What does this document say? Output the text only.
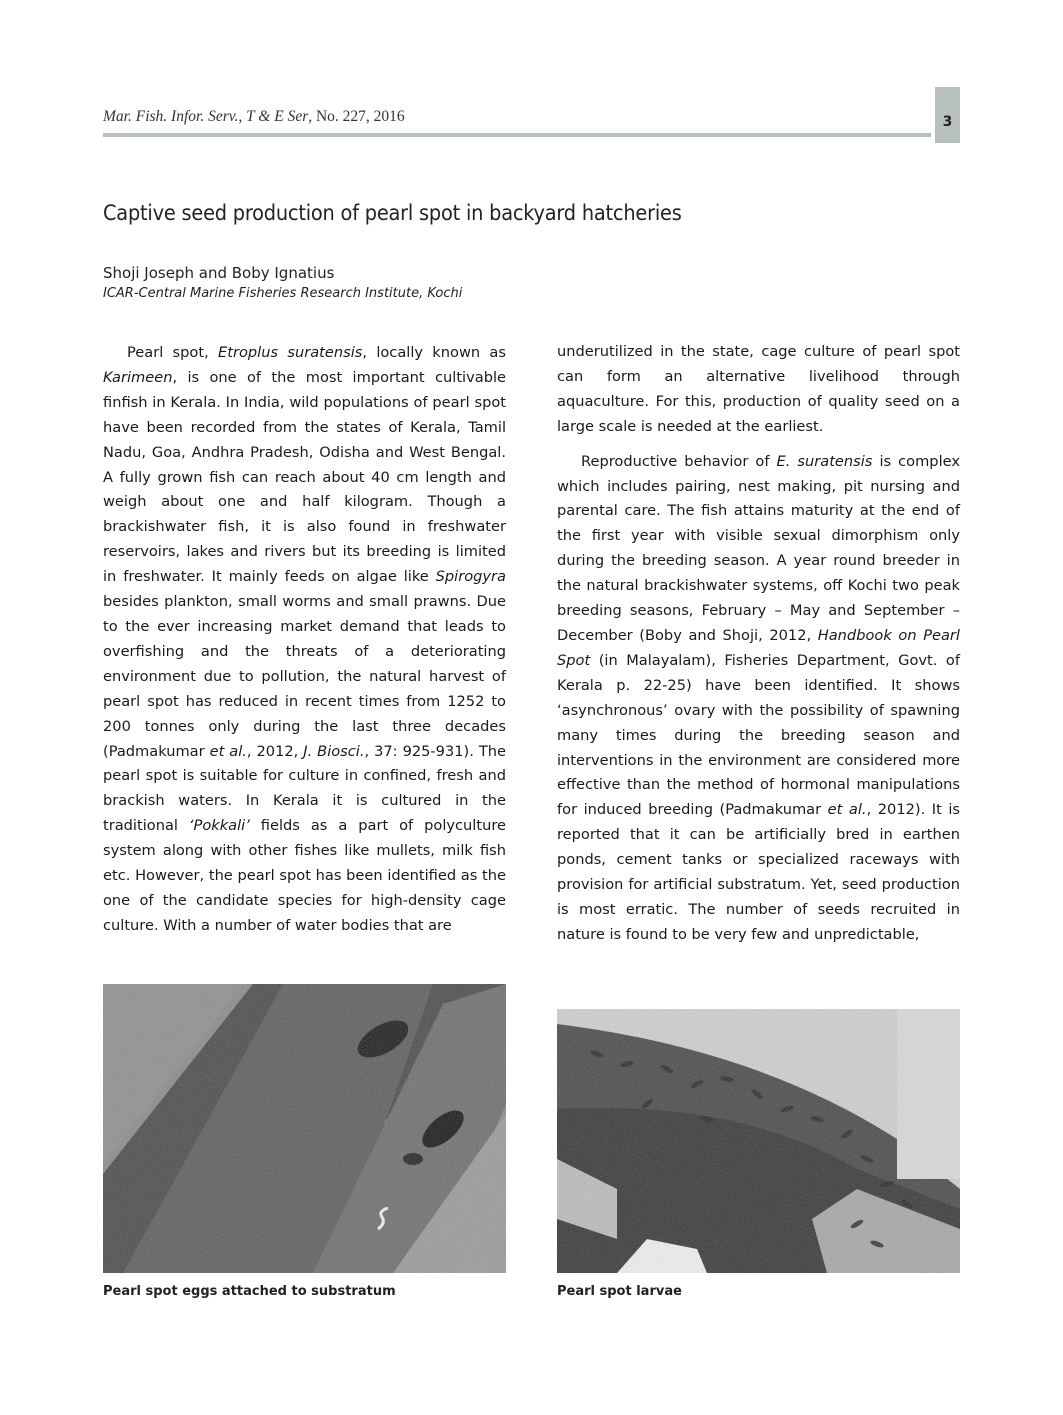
Mar. Fish. Infor. Serv., T & E Ser, No. 227, 2016	3
Captive seed production of pearl spot in backyard hatcheries
Shoji Joseph and Boby Ignatius
ICAR-Central Marine Fisheries Research Institute, Kochi

Pearl spot, Etroplus suratensis, locally known as Karimeen, is one of the most important cultivable finfish in Kerala. In India, wild populations of pearl spot have been recorded from the states of Kerala, Tamil Nadu, Goa, Andhra Pradesh, Odisha and West Bengal. A fully grown fish can reach about 40 cm length and weigh about one and half kilogram. Though a brackishwater fish, it is also found in freshwater reservoirs, lakes and rivers but its breeding is limited in freshwater. It mainly feeds on algae like Spirogyra besides plankton, small worms and small prawns. Due to the ever increasing market demand that leads to overfishing and the threats of a deteriorating environment due to pollution, the natural harvest of pearl spot has reduced in recent times from 1252 to 200 tonnes only during the last three decades (Padmakumar et al., 2012, J. Biosci., 37: 925-931). The pearl spot is suitable for culture in confined, fresh and brackish waters. In Kerala it is cultured in the traditional ‘Pokkali’ fields as a part of polyculture system along with other fishes like mullets, milk fish etc. However, the pearl spot has been identified as the one of the candidate species for high-density cage culture. With a number of water bodies that are

underutilized in the state, cage culture of pearl spot can form an alternative livelihood through aquaculture. For this, production of quality seed on a large scale is needed at the earliest.

Reproductive behavior of E. suratensis is complex which includes pairing, nest making, pit nursing and parental care. The fish attains maturity at the end of the first year with visible sexual dimorphism only during the breeding season. A year round breeder in the natural brackishwater systems, off Kochi two peak breeding seasons, February – May and September – December (Boby and Shoji, 2012, Handbook on Pearl Spot (in Malayalam), Fisheries Department, Govt. of Kerala p. 22-25) have been identified. It shows ‘asynchronous’ ovary with the possibility of spawning many times during the breeding season and interventions in the environment are considered more effective than the method of hormonal manipulations for induced breeding (Padmakumar et al., 2012). It is reported that it can be artificially bred in earthen ponds, cement tanks or specialized raceways with provision for artificial substratum. Yet, seed production is most erratic. The number of seeds recruited in nature is found to be very few and unpredictable,

Pearl spot eggs attached to substratum	Pearl spot larvae
